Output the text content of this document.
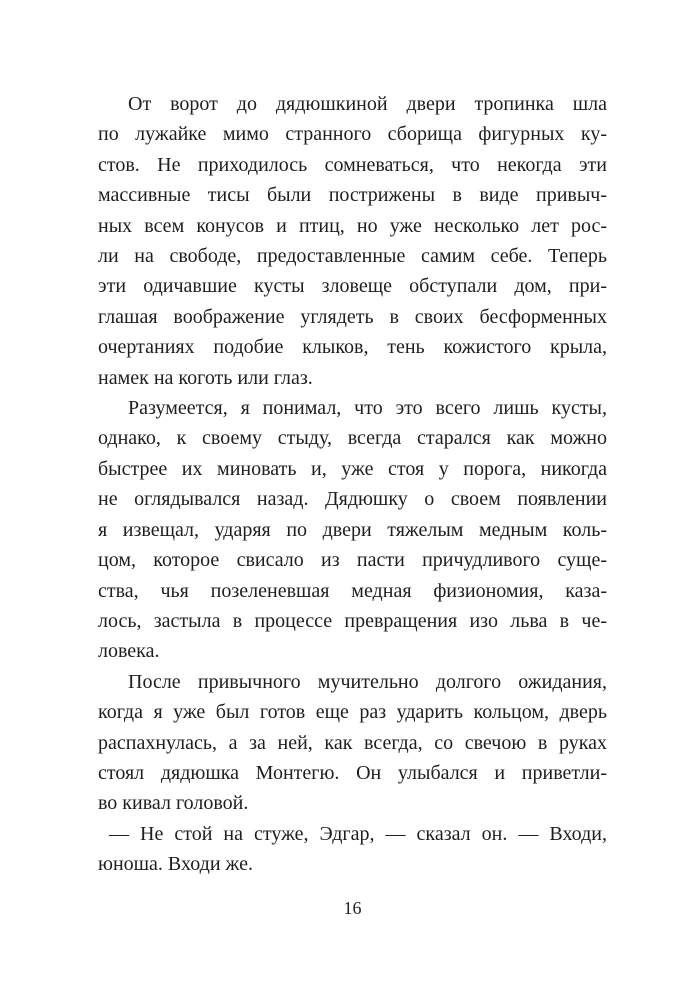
От ворот до дядюшкиной двери тропинка шла
по лужайке мимо странного сборища фигурных ку-
стов. Не приходилось сомневаться, что некогда эти
массивные тисы были пострижены в виде привыч-
ных всем конусов и птиц, но уже несколько лет рос-
ли на свободе, предоставленные самим себе. Теперь
эти одичавшие кусты зловеще обступали дом, при-
глашая воображение углядеть в своих бесформенных
очертаниях подобие клыков, тень кожистого крыла,
намек на коготь или глаз.
Разумеется, я понимал, что это всего лишь кусты,
однако, к своему стыду, всегда старался как можно
быстрее их миновать и, уже стоя у порога, никогда
не оглядывался назад. Дядюшку о своем появлении
я извещал, ударяя по двери тяжелым медным коль-
цом, которое свисало из пасти причудливого суще-
ства, чья позеленевшая медная физиономия, каза-
лось, застыла в процессе превращения изо льва в че-
ловека.
После привычного мучительно долгого ожидания,
когда я уже был готов еще раз ударить кольцом, дверь
распахнулась, а за ней, как всегда, со свечою в руках
стоял дядюшка Монтегю. Он улыбался и приветли-
во кивал головой.
— Не стой на стуже, Эдгар, — сказал он. — Входи,
юноша. Входи же.
16
